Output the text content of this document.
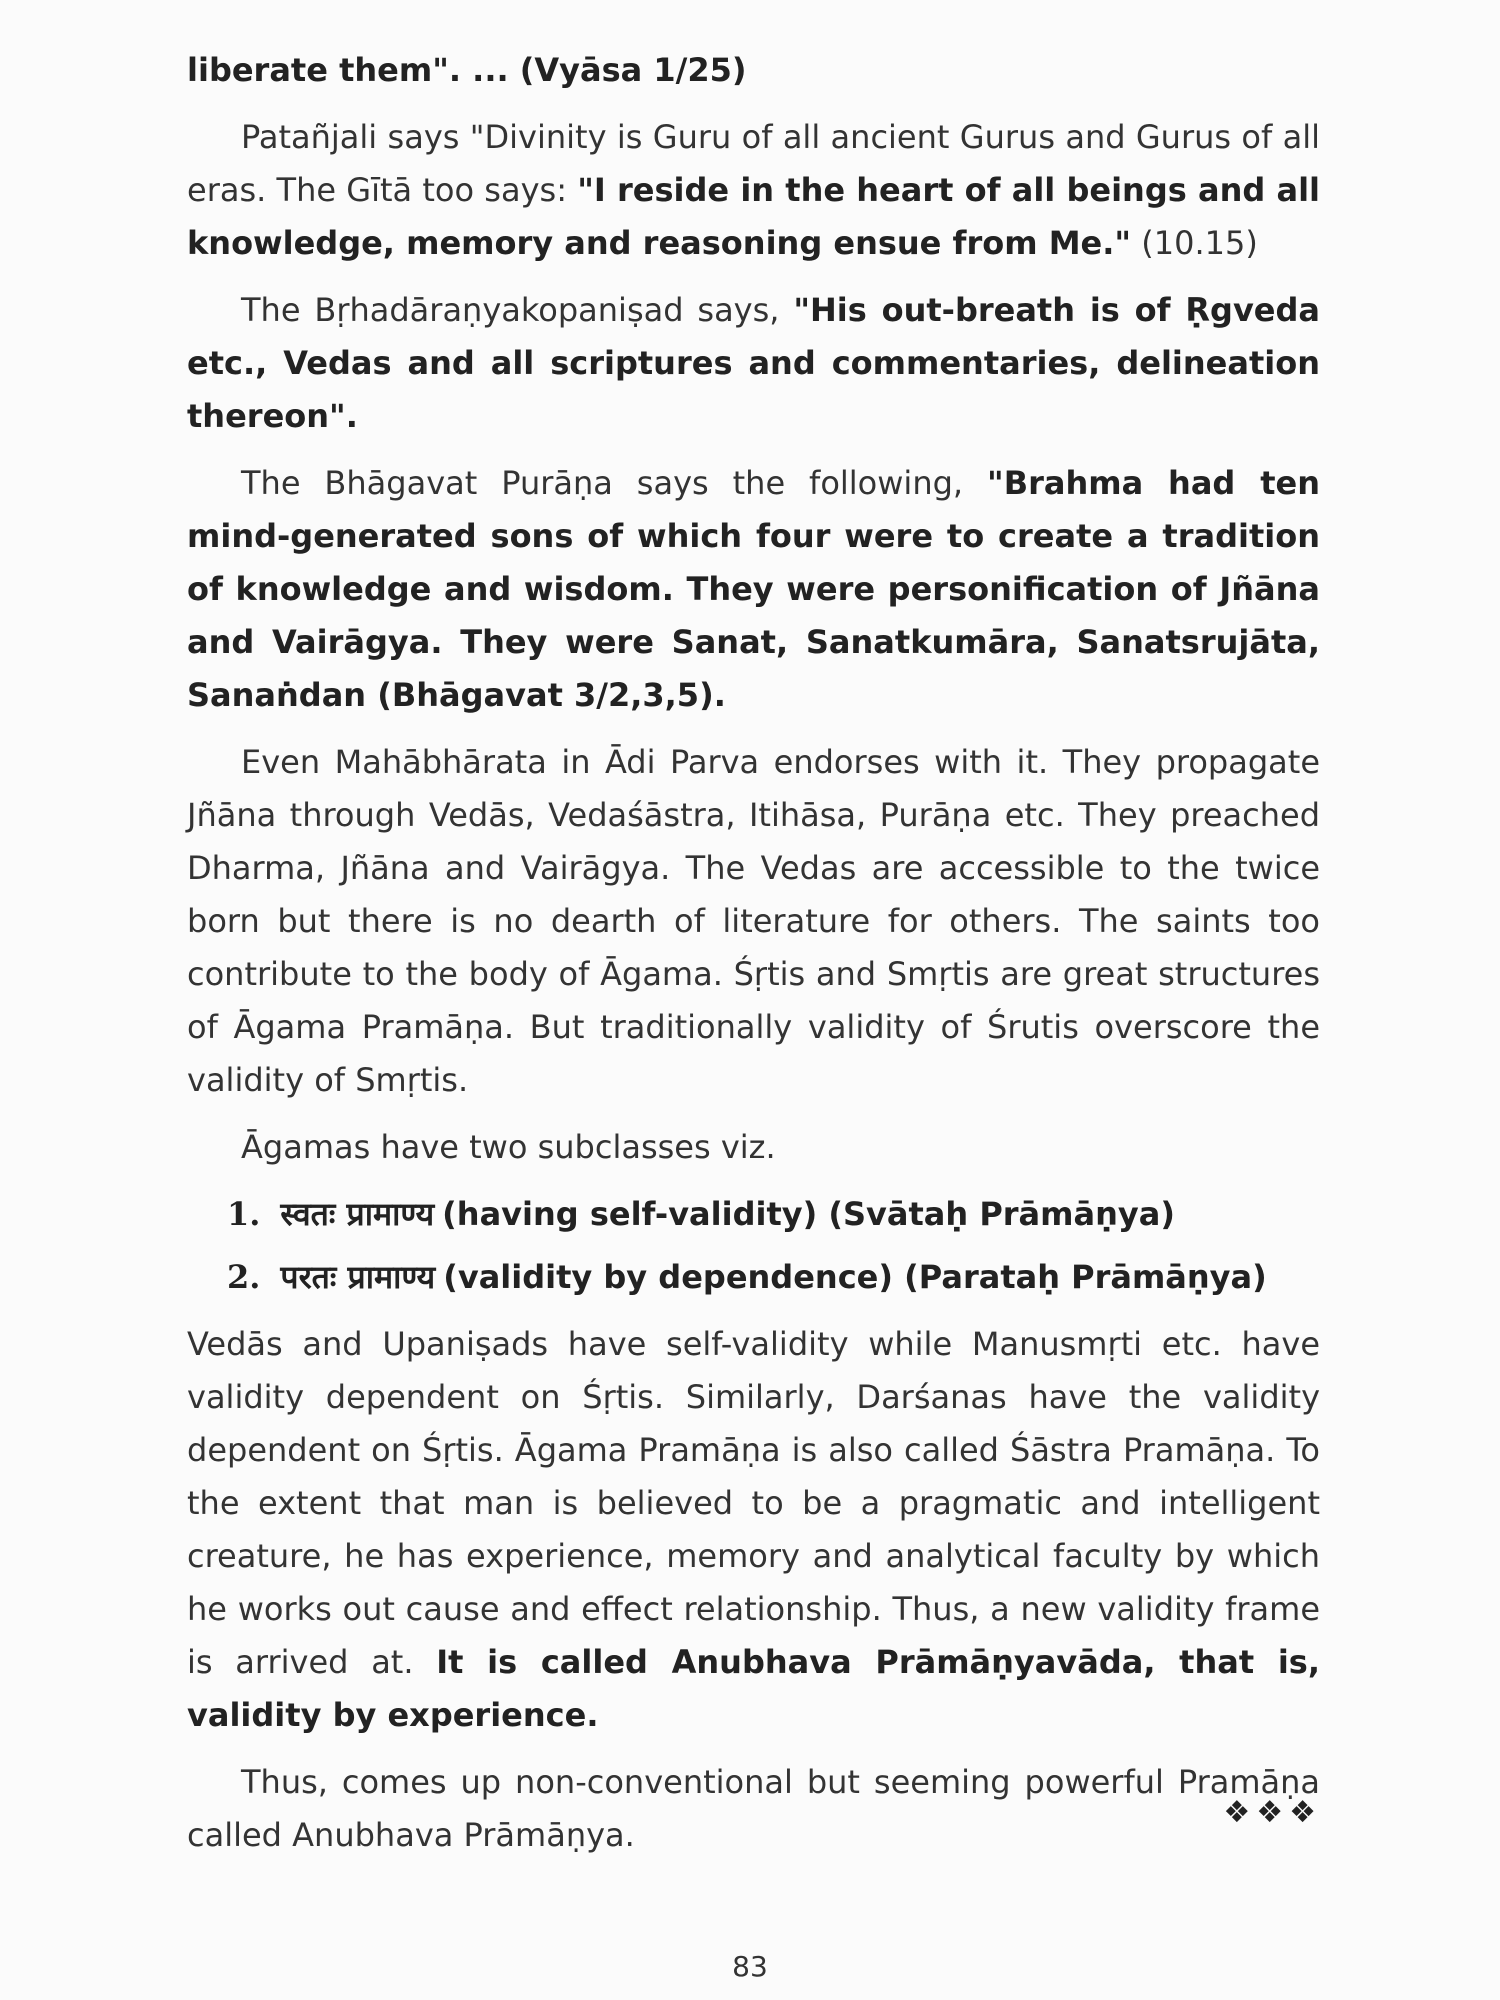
liberate them". ... (Vyāsa 1/25)

Patañjali says "Divinity is Guru of all ancient Gurus and Gurus of all eras. The Gītā too says: "I reside in the heart of all beings and all knowledge, memory and reasoning ensue from Me." (10.15)

The Bṛhadāraṇyakopaniṣad says, "His out-breath is of Ṛgveda etc., Vedas and all scriptures and commentaries, delineation thereon".

The Bhāgavat Purāṇa says the following, "Brahma had ten mind-generated sons of which four were to create a tradition of knowledge and wisdom. They were personification of Jñāna and Vairāgya. They were Sanat, Sanatkumāra, Sanatsrujāta, Sanaṅdan (Bhāgavat 3/2,3,5).

Even Mahābhārata in Ādi Parva endorses with it. They propagate Jñāna through Vedās, Vedaśāstra, Itihāsa, Purāṇa etc. They preached Dharma, Jñāna and Vairāgya. The Vedas are accessible to the twice born but there is no dearth of literature for others. The saints too contribute to the body of Āgama. Śṛtis and Smṛtis are great structures of Āgama Pramāṇa. But traditionally validity of Śrutis overscore the validity of Smṛtis.

Āgamas have two subclasses viz.

1. स्वतः प्रामाण्य (having self-validity) (Svātaḥ Prāmāṇya)
2. परतः प्रामाण्य (validity by dependence) (Parataḥ Prāmāṇya)

Vedās and Upaniṣads have self-validity while Manusmṛti etc. have validity dependent on Śṛtis. Similarly, Darśanas have the validity dependent on Śṛtis. Āgama Pramāṇa is also called Śāstra Pramāṇa. To the extent that man is believed to be a pragmatic and intelligent creature, he has experience, memory and analytical faculty by which he works out cause and effect relationship. Thus, a new validity frame is arrived at. It is called Anubhava Prāmāṇyavāda, that is, validity by experience.

Thus, comes up non-conventional but seeming powerful Pramāṇa called Anubhava Prāmāṇya.

❖❖❖
83
